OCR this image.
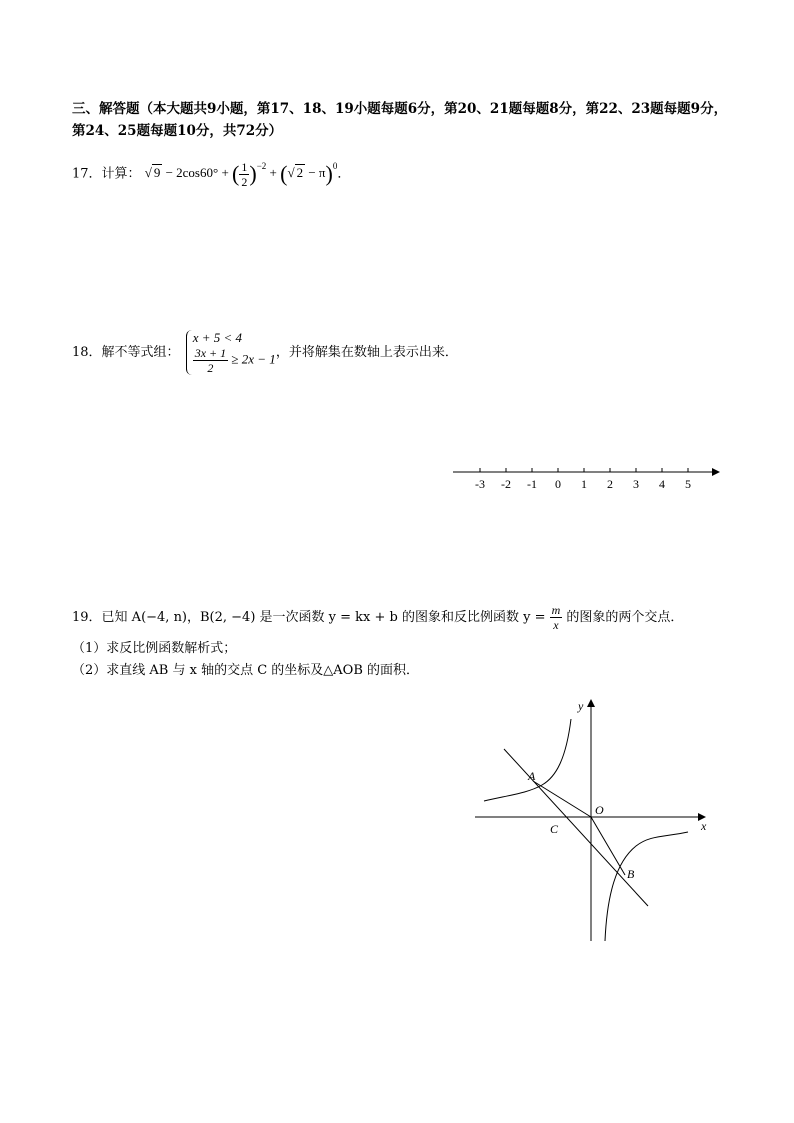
三、解答题（本大题共9小题，第17、18、19小题每题6分，第20、21题每题8分，第22、23题每题9分，第24、25题每题10分，共72分）
17．计算： √ 9 − 2cos60° + ( $\frac{1}{2} )^{-2}$ + (√ 2 − π)$^0$．
18．解不等式组：
x + 5 < 4
$\frac{3x + 1}{2} \ge 2x - 1$ ，并将解集在数轴上表示出来．
-3 -2 -1 0 1 2 3 4 5
19．已知 A(−4, n)，B(2, −4) 是一次函数 y = kx + b 的图象和反比例函数 $y = \frac{m}{x}$ 的图象的两个交点．
（1）求反比例函数解析式；
（2）求直线 AB 与 x 轴的交点 C 的坐标及△AOB 的面积．
y
x
O
A
B
C
